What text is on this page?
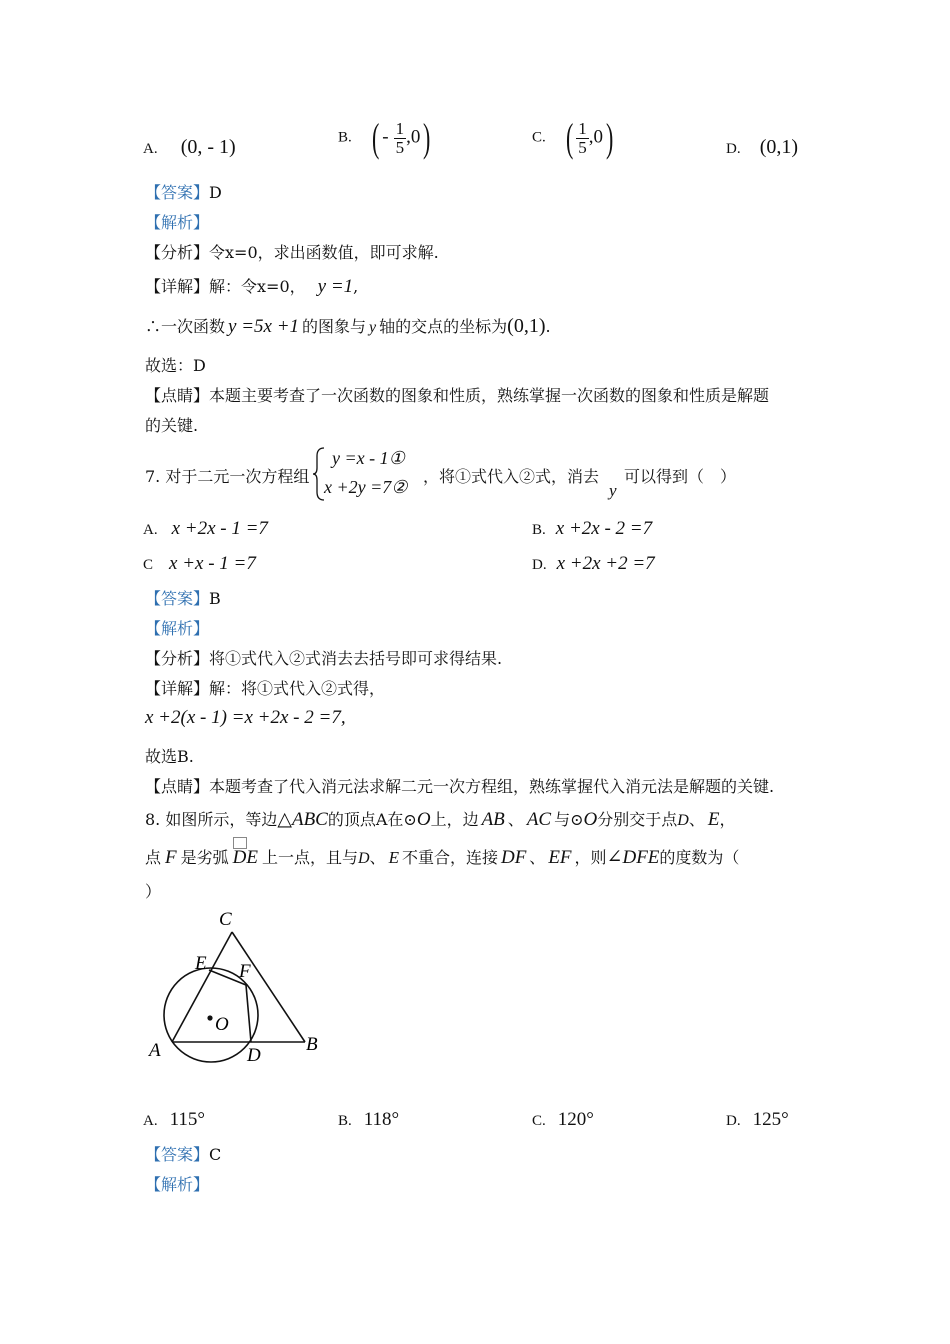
A. (0, - 1)	B. ( - $\frac{1}{5} ,0$)	C. ( $\frac{1}{5} ,0$)	D. (0,1)
【答案】D
【解析】
【分析】令x=0，求出函数值，即可求解.
【详解】解：令x=0， y =1,
∴一次函数 y =5x +1 的图象与 y 轴的交点的坐标为(0,1).
故选：D
【点睛】本题主要考查了一次函数的图象和性质，熟练掌握一次函数的图象和性质是解题
的关键.
7. 对于二元一次方程组
y =x - 1①
x +2y =7②
，将①式代入②式，消去
y
可以得到（　）
A. x +2x - 1 =7	B. x +2x - 2 =7
C x +x - 1 =7	D. x +2x +2 =7
【答案】B
【解析】
【分析】将①式代入②式消去去括号即可求得结果.
【详解】解：将①式代入②式得，
x +2(x - 1) =x +2x - 2 =7,
故选B.
【点睛】本题考查了代入消元法求解二元一次方程组，熟练掌握代入消元法是解题的关键.
8. 如图所示，等边△ABC的顶点A在⊙O上，边 AB 、 AC 与⊙O分别交于点D、 E，
点 F 是劣弧 DE 上一点，且与D、 E 不重合，连接 DF 、 EF ，则∠DFE的度数为（
）
C
E F
O
A	D
B
A. 115°	B. 118°	C. 120°	D. 125°
【答案】C
【解析】
